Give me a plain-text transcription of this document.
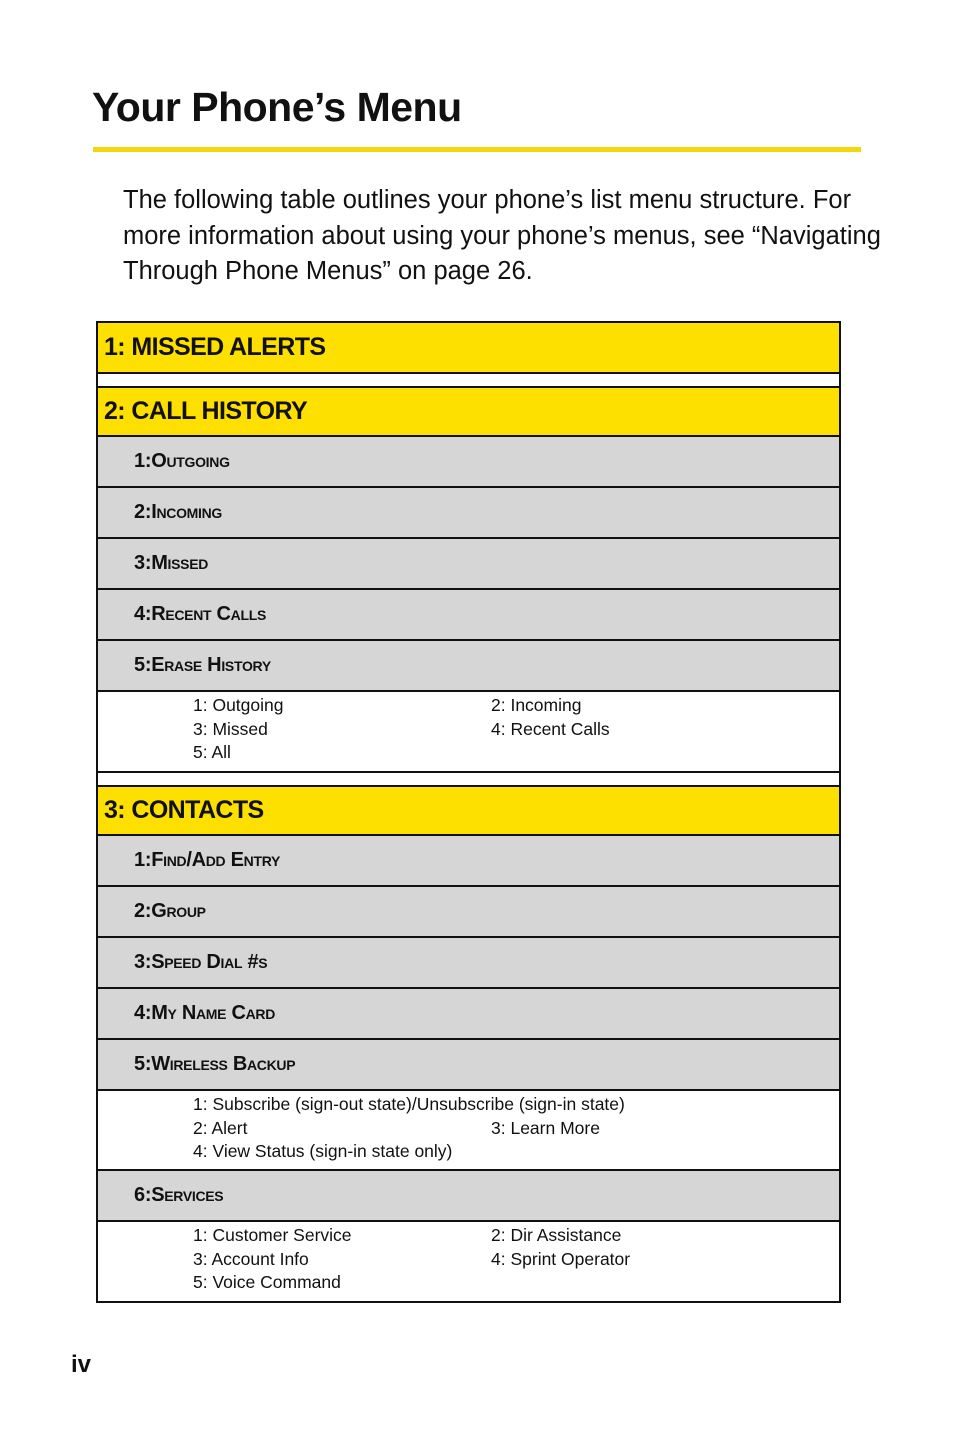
Your Phone’s Menu

The following table outlines your phone’s list menu structure. For more information about using your phone’s menus, see “Navigating Through Phone Menus” on page 26.

1: MISSED ALERTS
2: CALL HISTORY
1: Outgoing
2: Incoming
3: Missed
4: Recent Calls
5: Erase History
1: Outgoing	2: Incoming
3: Missed	4: Recent Calls
5: All
3: CONTACTS
1: Find/Add Entry
2: Group
3: Speed Dial #s
4: My Name Card
5: Wireless Backup
1: Subscribe (sign-out state)/Unsubscribe (sign-in state)
2: Alert	3: Learn More
4: View Status (sign-in state only)
6: Services
1: Customer Service	2: Dir Assistance
3: Account Info	4: Sprint Operator
5: Voice Command

iv
